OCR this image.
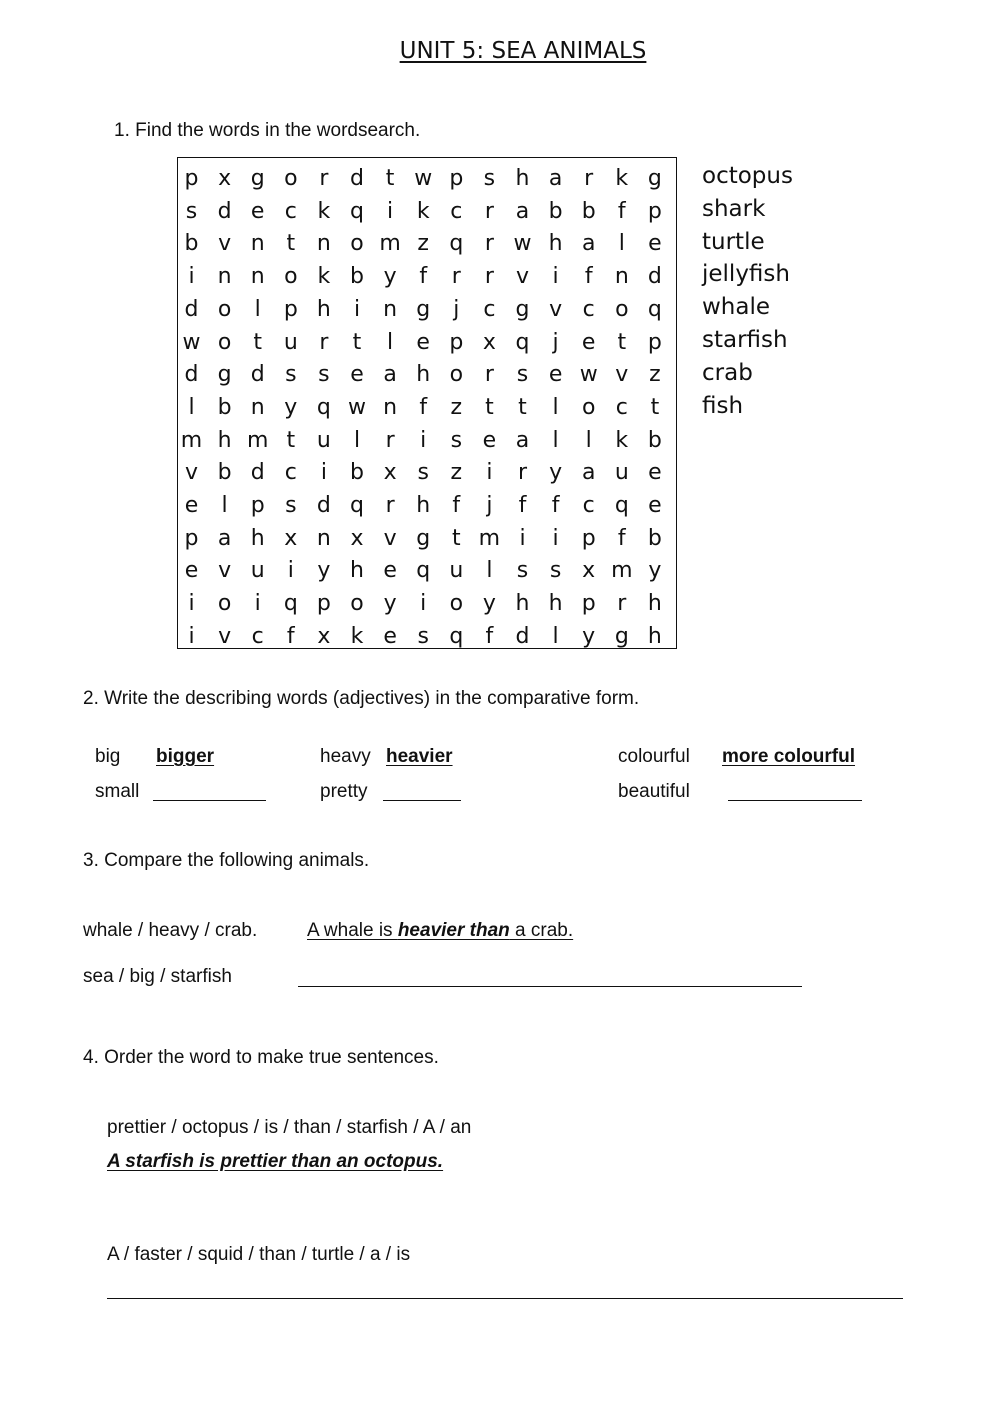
UNIT 5: SEA ANIMALS
1. Find the words in the wordsearch.
p x g o r d t w p s h a r	k g
s d e c k q	i	k c	r a b b	f	p
b v n t n o m z q r w h a	l	e
i	n n o k b y	f	r	r	v	i	f	n d
d o	l	p h	i	n g	j	c g v c o q
w o	t u r	t	l	e p x q	j	e	t p
d g d s s e a h o r	s e w v z
l	b n y q w n	f	z	t	t	l	o c	t
m h m t u	l	r	i	s e a	l	l	k b
v b d c	i	b x s z	i	r	y a u e
e	l	p s d q r h	f	j	f	f	c q e
p a h x n x v g t m i	i	p	f	b
e v u	i	y h e q u	l	s s x m y
i	o	i	q p o y	i	o y h h p r h
i	v c	f	x k e s q	f	d	l	y g h
octopus
shark
turtle
jellyfish
whale
starfish
crab
fish
2. Write the describing words (adjectives) in the comparative form.
big bigger	heavy heavier	colourful more colourful
small	pretty	beautiful
3. Compare the following animals.
whale / heavy / crab.	A whale is heavier than a crab.
sea / big / starfish
4. Order the word to make true sentences.
prettier / octopus / is / than / starfish / A / an
A starfish is prettier than an octopus.
A / faster / squid / than / turtle / a / is
